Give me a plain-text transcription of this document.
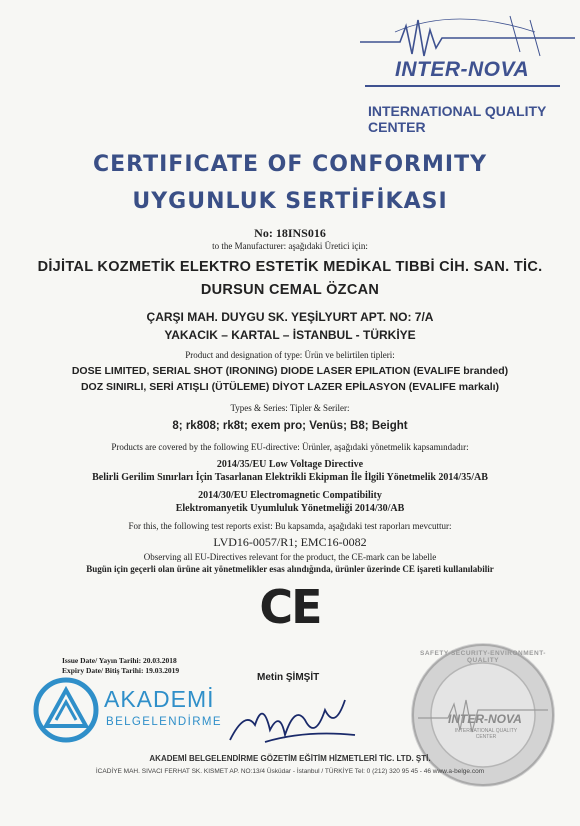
INTER-NOVA
INTERNATIONAL QUALITY CENTER
CERTIFICATE OF CONFORMITY
UYGUNLUK SERTİFİKASI
No: 18INS016
to the Manufacturer: aşağıdaki Üretici için:
DİJİTAL KOZMETİK ELEKTRO ESTETİK MEDİKAL TIBBİ CİH. SAN. TİC.
DURSUN CEMAL ÖZCAN
ÇARŞI MAH. DUYGU SK. YEŞİLYURT APT. NO: 7/A
YAKACIK – KARTAL – İSTANBUL - TÜRKİYE
Product and designation of type: Ürün ve belirtilen tipleri:
DOSE LIMITED, SERIAL SHOT (IRONING) DIODE LASER EPILATION (EVALIFE branded)
DOZ SINIRLI, SERİ ATIŞLI (ÜTÜLEME) DİYOT LAZER EPİLASYON (EVALIFE markalı)
Types & Series: Tipler & Seriler:
8; rk808; rk8t; exem pro; Venüs; B8; Beight
Products are covered by the following EU-directive: Ürünler, aşağıdaki yönetmelik kapsamındadır:
2014/35/EU Low Voltage Directive
Belirli Gerilim Sınırları İçin Tasarlanan Elektrikli Ekipman İle İlgili Yönetmelik 2014/35/AB
2014/30/EU Electromagnetic Compatibility
Elektromanyetik Uyumluluk Yönetmeliği 2014/30/AB
For this, the following test reports exist: Bu kapsamda, aşağıdaki test raporları mevcuttur:
LVD16-0057/R1; EMC16-0082
Observing all EU-Directives relevant for the product, the CE-mark can be labelle
Bugün için geçerli olan ürüne ait yönetmelikler esas alındığında, ürünler üzerinde CE işareti kullanılabilir
CE
Issue Date/ Yayın Tarihi: 20.03.2018
Expiry Date/ Bitiş Tarihi: 19.03.2019
Metin ŞİMŞİT
AKADEMİ
BELGELENDİRME	INTER-NOVA
INTERNATIONAL QUALITY CENTER
SAFETY-SECURITY-ENVIRONMENT-QUALITY
AKADEMİ BELGELENDİRME GÖZETİM EĞİTİM HİZMETLERİ TİC. LTD. ŞTİ.
İCADİYE MAH. SIVACI FERHAT SK. KISMET AP. NO:13/4 Üsküdar - İstanbul / TÜRKİYE Tel: 0 (212) 320 95 45 - 46 www.a-belge.com
